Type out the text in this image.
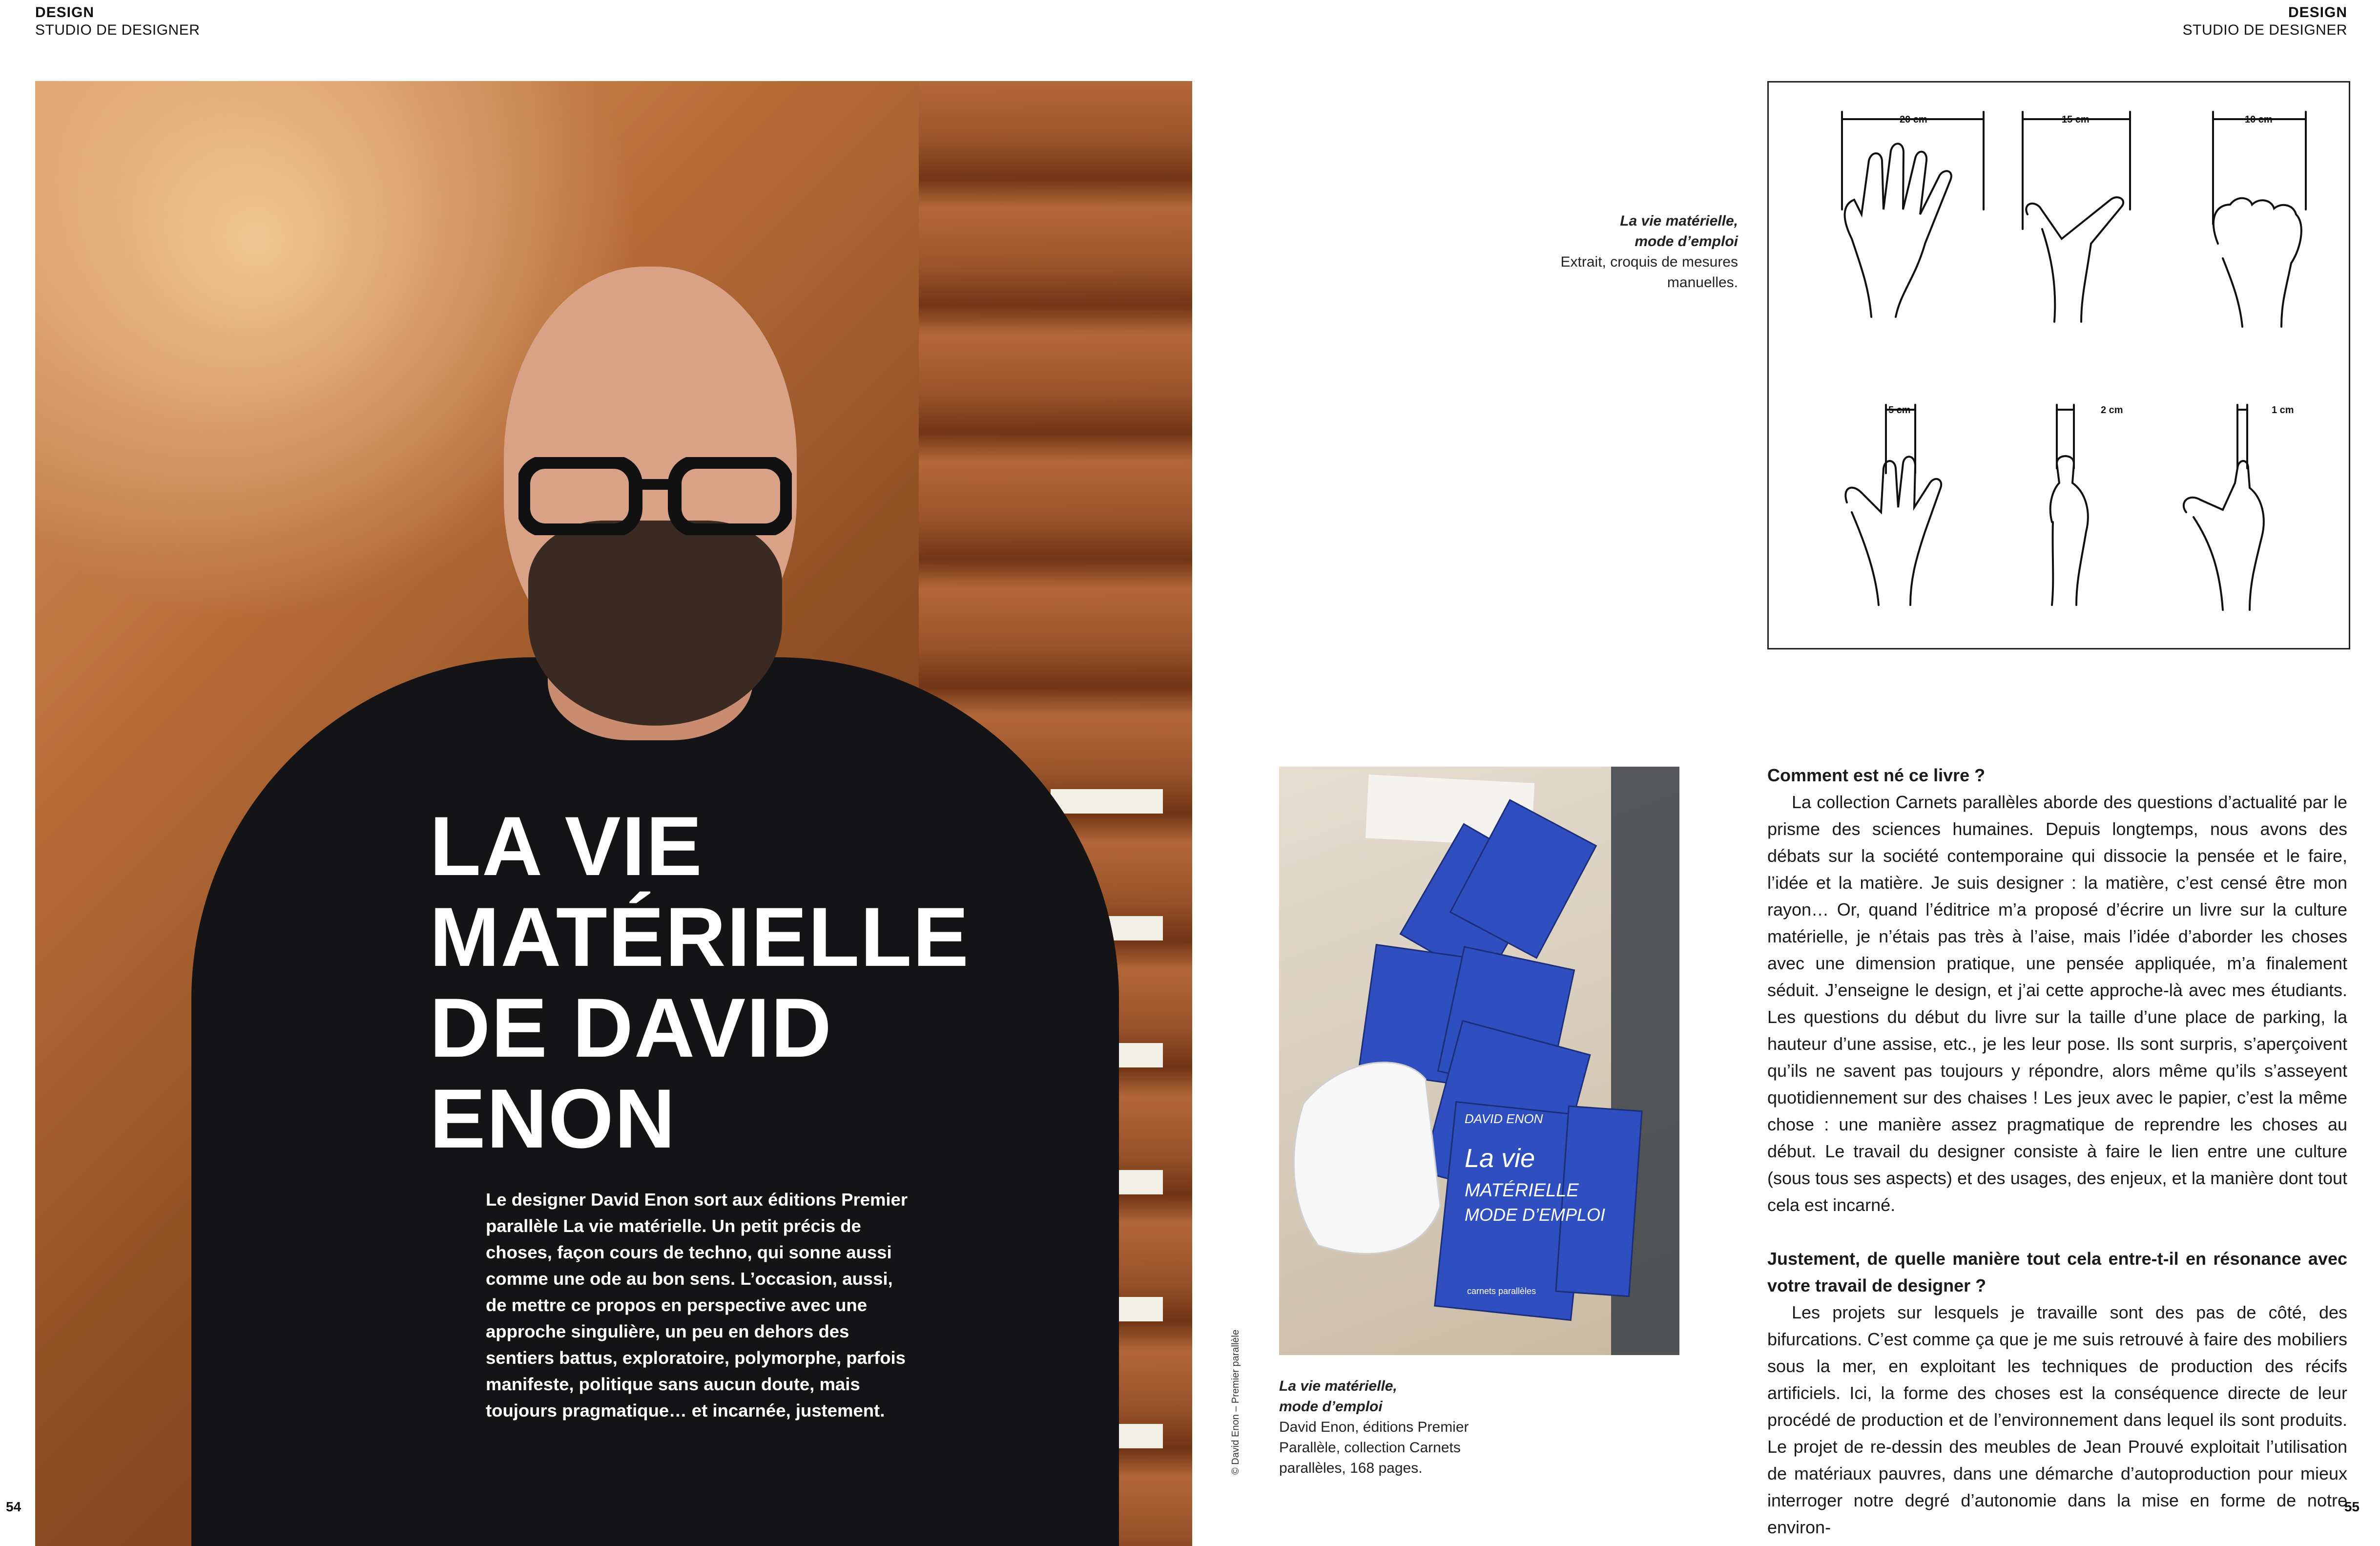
DESIGN
STUDIO DE DESIGNER
DESIGN
STUDIO DE DESIGNER
LA VIE
MATÉRIELLE
DE DAVID
ENON
Le designer David Enon sort aux éditions Premier parallèle La vie matérielle. Un petit précis de choses, façon cours de techno, qui sonne aussi comme une ode au bon sens. L’occasion, aussi, de mettre ce propos en perspective avec une approche singulière, un peu en dehors des sentiers battus, exploratoire, polymorphe, parfois manifeste, politique sans aucun doute, mais toujours pragmatique… et incarnée, justement.
54	55
La vie matérielle,
mode d’emploi
Extrait, croquis de mesures
manuelles.
20 cm	15 cm	10 cm
5 cm	2 cm	1 cm
La vie
MATÉRIELLE
MODE D’EMPLOI
DAVID ENON
carnets parallèles
© David Enon – Premier parallèle	La vie matérielle,
mode d’emploi
David Enon, éditions Premier
Parallèle, collection Carnets
parallèles, 168 pages.
Comment est né ce livre ?

La collection Carnets parallèles aborde des questions d’actualité par le prisme des sciences humaines. Depuis longtemps, nous avons des débats sur la société contemporaine qui dissocie la pensée et le faire, l’idée et la matière. Je suis designer : la matière, c’est censé être mon rayon… Or, quand l’éditrice m’a proposé d’écrire un livre sur la culture matérielle, je n’étais pas très à l’aise, mais l’idée d’aborder les choses avec une dimension pratique, une pensée appliquée, m’a finalement séduit. J’enseigne le design, et j’ai cette approche-là avec mes étudiants. Les questions du début du livre sur la taille d’une place de parking, la hauteur d’une assise, etc., je les leur pose. Ils sont surpris, s’aperçoivent qu’ils ne savent pas toujours y répondre, alors même qu’ils s’asseyent quotidiennement sur des chaises ! Les jeux avec le papier, c’est la même chose : une manière assez pragmatique de reprendre les choses au début. Le travail du designer consiste à faire le lien entre une culture (sous tous ses aspects) et des usages, des enjeux, et la manière dont tout cela est incarné.

Justement, de quelle manière tout cela entre-t-il en résonance avec votre travail de designer ?

Les projets sur lesquels je travaille sont des pas de côté, des bifurcations. C’est comme ça que je me suis retrouvé à faire des mobiliers sous la mer, en exploitant les techniques de production des récifs artificiels. Ici, la forme des choses est la conséquence directe de leur procédé de production et de l’environnement dans lequel ils sont produits. Le projet de re-dessin des meubles de Jean Prouvé exploitait l’utilisation de matériaux pauvres, dans une démarche d’autoproduction pour mieux interroger notre degré d’autonomie dans la mise en forme de notre environ-
